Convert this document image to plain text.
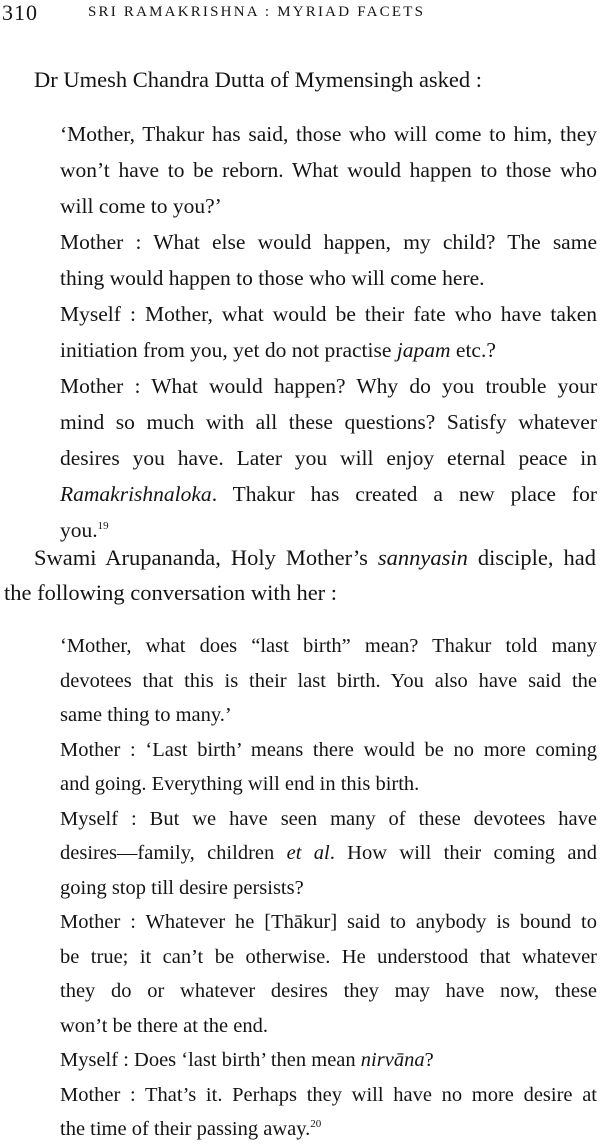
310	SRI RAMAKRISHNA : MYRIAD FACETS

Dr Umesh Chandra Dutta of Mymensingh asked :

‘Mother, Thakur has said, those who will come to him, they
won’t have to be reborn. What would happen to those who
will come to you?’
Mother : What else would happen, my child? The same
thing would happen to those who will come here.
Myself : Mother, what would be their fate who have taken
initiation from you, yet do not practise japam etc.?
Mother : What would happen? Why do you trouble your
mind so much with all these questions? Satisfy whatever
desires you have. Later you will enjoy eternal peace in
Ramakrishnaloka. Thakur has created a new place for
you.$^{19}$
Swami Arupananda, Holy Mother’s sannyasin disciple, had
the following conversation with her :
‘Mother, what does “last birth” mean? Thakur told many
devotees that this is their last birth. You also have said the
same thing to many.’
Mother : ‘Last birth’ means there would be no more coming
and going. Everything will end in this birth.
Myself : But we have seen many of these devotees have
desires—family, children et al. How will their coming and
going stop till desire persists?
Mother : Whatever he [Thākur] said to anybody is bound to
be true; it can’t be otherwise. He understood that whatever
they do or whatever desires they may have now, these
won’t be there at the end.
Myself : Does ‘last birth’ then mean nirvāna?
Mother : That’s it. Perhaps they will have no more desire at
the time of their passing away.$^{20}$
